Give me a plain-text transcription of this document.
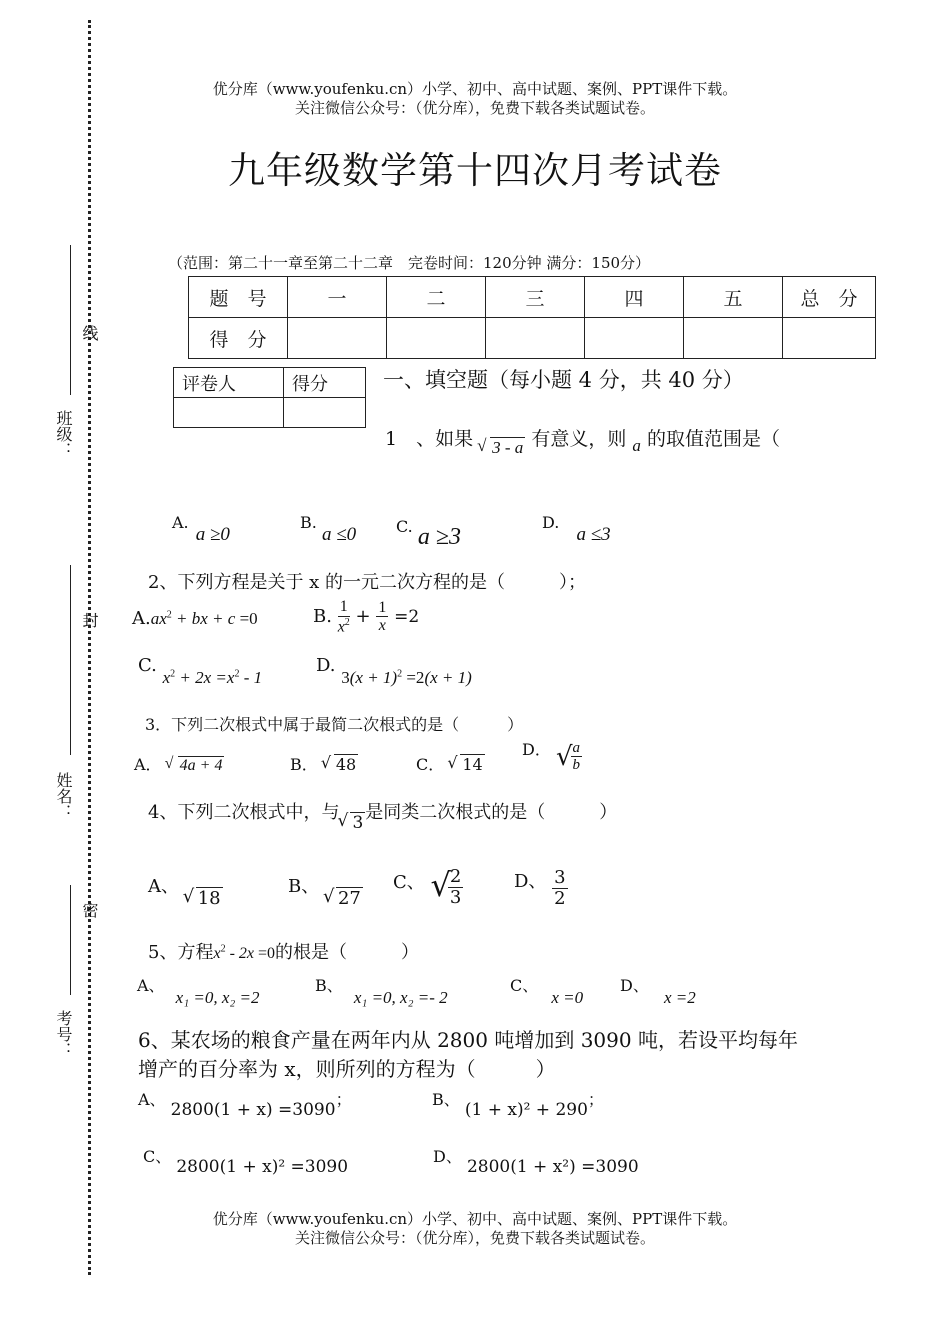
线
班级：
封
姓名：
密
考号：
优分库（www.youfenku.cn）小学、初中、高中试题、案例、PPT课件下载。
关注微信公众号：（优分库），免费下载各类试题试卷。
九年级数学第十四次月考试卷
（范围：第二十一章至第二十二章　完卷时间：120分钟 满分：150分）
题　号	一	二	三	四	五	总　分
得　分						
评卷人	得分
		一、填空题（每小题 4 分，共 40 分）
1　、如果 √ 3 - a 有意义，则 a 的取值范围是（
A. a ≥0
B. a ≤0 C. a ≥3
D. a ≤3
2、下列方程是关于 x 的一元二次方程的是（　　　）；
$A.ax^2$ + bx + c =0	B. $\frac{1}{x^2} + \frac{1}{x} =2$
C. $x^2 + 2x =x^2 - 1$
D. $3(x + 1)^2 =2(x + 1)$
3．下列二次根式中属于最简二次根式的是（　　　）
A． √ 4a + 4	B． √ 48	C． √ 14
D． √
$\frac{a}{b}$
4、下列二次根式中，与 √ 3 是同类二次根式的是（　　　）
A、 √ 18
B、 √ 27
C、 √
$\frac{2}{3}$	D、 $\frac{3}{2}$
5、方程$x^2 - 2x =0$的根是（　　　）
A、 x₁ =0, x₂ =2
B、 x₁ =0, x₂ =- 2
C、 x =0
D、 x =2
6、某农场的粮食产量在两年内从 2800 吨增加到 3090 吨，若设平均每年
增产的百分率为 x，则所列的方程为（　　　）
A、 2800(1 + x) =3090；	B、 (1 + x)² + 290；
C、 2800(1 + x)² =3090
D、 2800(1 + x²) =3090
优分库（www.youfenku.cn）小学、初中、高中试题、案例、PPT课件下载。
关注微信公众号：（优分库），免费下载各类试题试卷。
